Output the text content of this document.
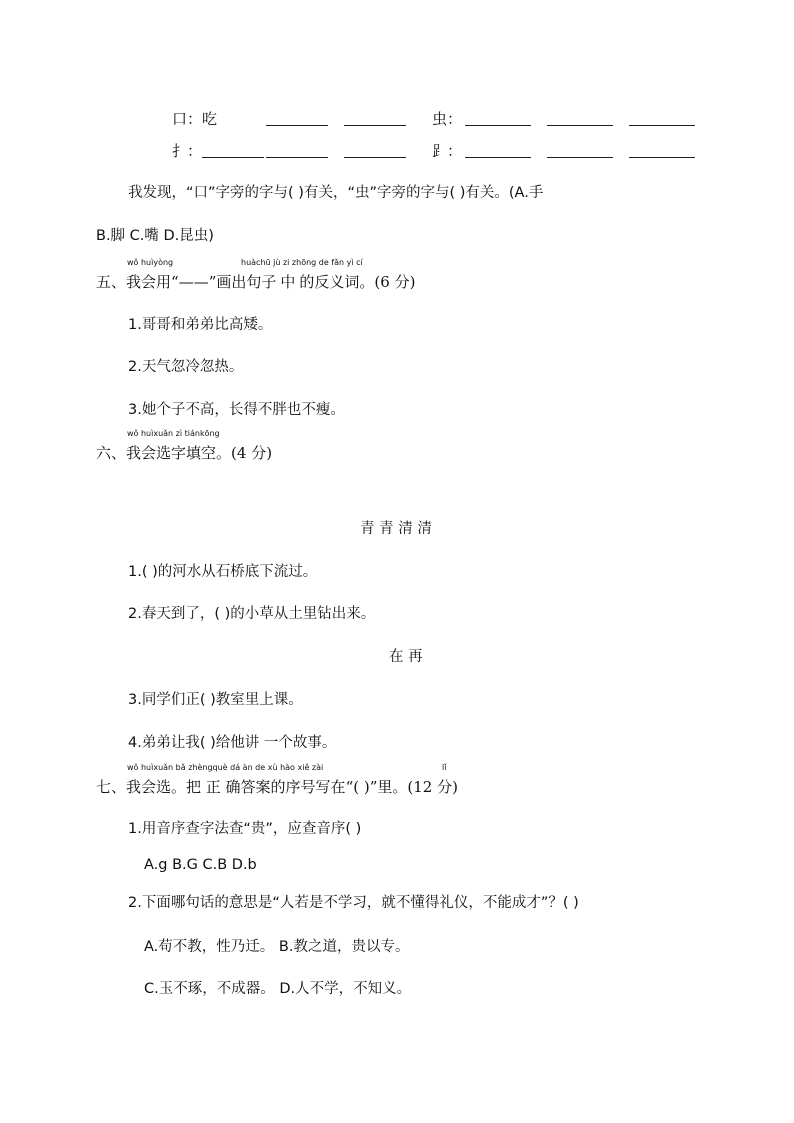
口：吃	虫：
扌：	⻊：
我发现，“口”字旁的字与( )有关，“虫”字旁的字与( )有关。(A.手
B.脚 C.嘴 D.昆虫)
五、我会用“——”画出句子 中 的反义词。(6 分)
wǒ huìyòng	huàchū jù zi zhōng de fǎn yì cí
1.哥哥和弟弟比高矮。
2.天气忽冷忽热。
3.她个子不高，长得不胖也不瘦。
六、我会选字填空。(4 分)
wǒ huìxuǎn zì tiánkōng
青 青 清 清
1.( )的河水从石桥底下流过。
2.春天到了，( )的小草从土里钻出来。
在 再
3.同学们正( )教室里上课。
4.弟弟让我( )给他讲 一个故事。
七、我会选。把 正 确答案的序号写在“( )”里。(12 分)
wǒ huìxuǎn bǎ zhèngquè dá àn de xù hào xiě zài	lǐ
1.用音序查字法查“贵”，应查音序( )
A.g B.G C.B D.b
2.下面哪句话的意思是“人若是不学习，就不懂得礼仪，不能成才”？( )
A.苟不教，性乃迁。 B.教之道，贵以专。
C.玉不琢，不成器。 D.人不学，不知义。
